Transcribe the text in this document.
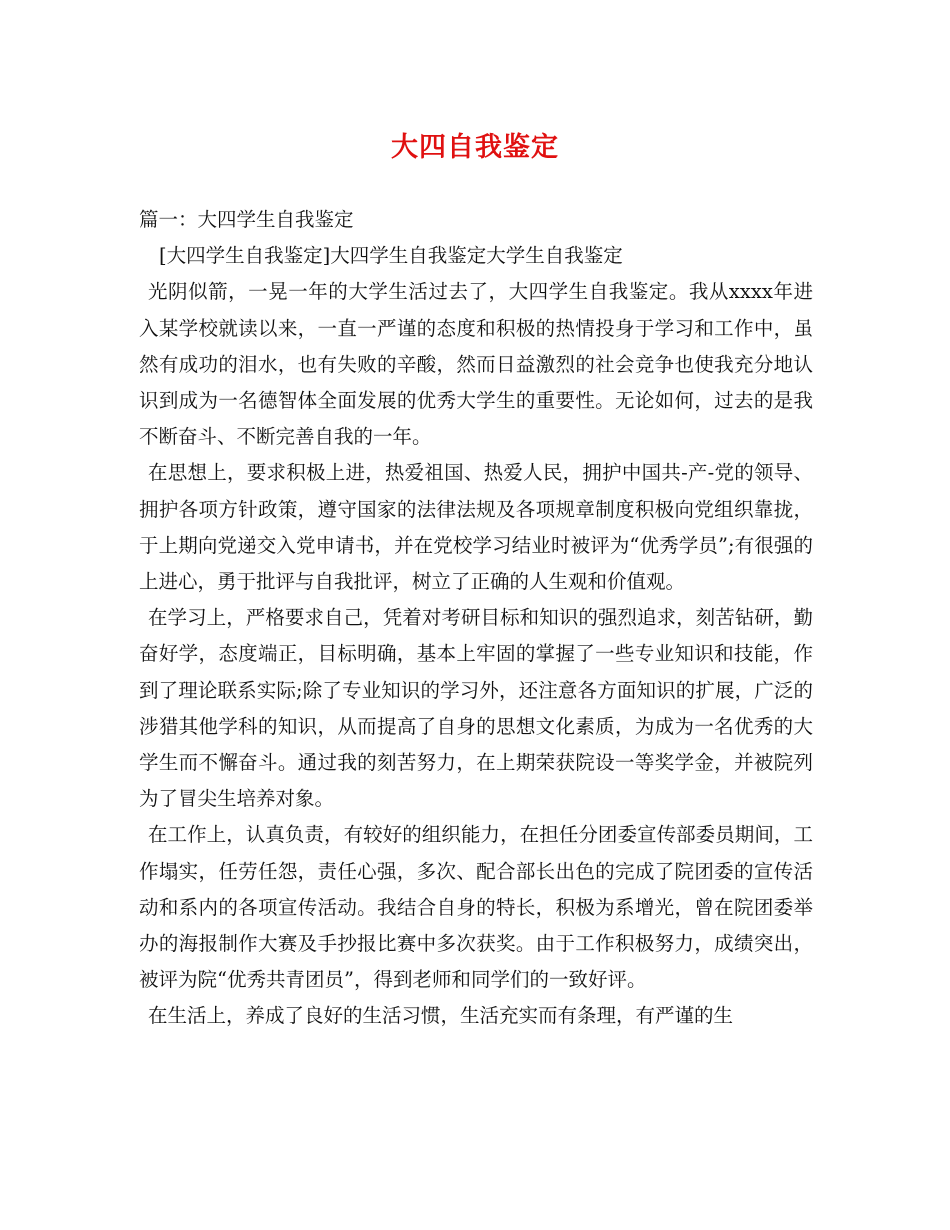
大四自我鉴定

篇一：大四学生自我鉴定

[大四学生自我鉴定]大四学生自我鉴定大学生自我鉴定

光阴似箭，一晃一年的大学生活过去了，大四学生自我鉴定。我从xxxx年进入某学校就读以来，一直一严谨的态度和积极的热情投身于学习和工作中，虽然有成功的泪水，也有失败的辛酸，然而日益激烈的社会竞争也使我充分地认识到成为一名德智体全面发展的优秀大学生的重要性。无论如何，过去的是我不断奋斗、不断完善自我的一年。

在思想上，要求积极上进，热爱祖国、热爱人民，拥护中国共-产-党的领导、拥护各项方针政策，遵守国家的法律法规及各项规章制度积极向党组织靠拢，于上期向党递交入党申请书，并在党校学习结业时被评为“优秀学员”;有很强的上进心，勇于批评与自我批评，树立了正确的人生观和价值观。

在学习上，严格要求自己，凭着对考研目标和知识的强烈追求，刻苦钻研，勤奋好学，态度端正，目标明确，基本上牢固的掌握了一些专业知识和技能，作到了理论联系实际;除了专业知识的学习外，还注意各方面知识的扩展，广泛的涉猎其他学科的知识，从而提高了自身的思想文化素质，为成为一名优秀的大学生而不懈奋斗。通过我的刻苦努力，在上期荣获院设一等奖学金，并被院列为了冒尖生培养对象。

在工作上，认真负责，有较好的组织能力，在担任分团委宣传部委员期间，工作塌实，任劳任怨，责任心强，多次、配合部长出色的完成了院团委的宣传活动和系内的各项宣传活动。我结合自身的特长，积极为系增光，曾在院团委举办的海报制作大赛及手抄报比赛中多次获奖。由于工作积极努力，成绩突出，被评为院“优秀共青团员”，得到老师和同学们的一致好评。

在生活上，养成了良好的生活习惯，生活充实而有条理，有严谨的生
